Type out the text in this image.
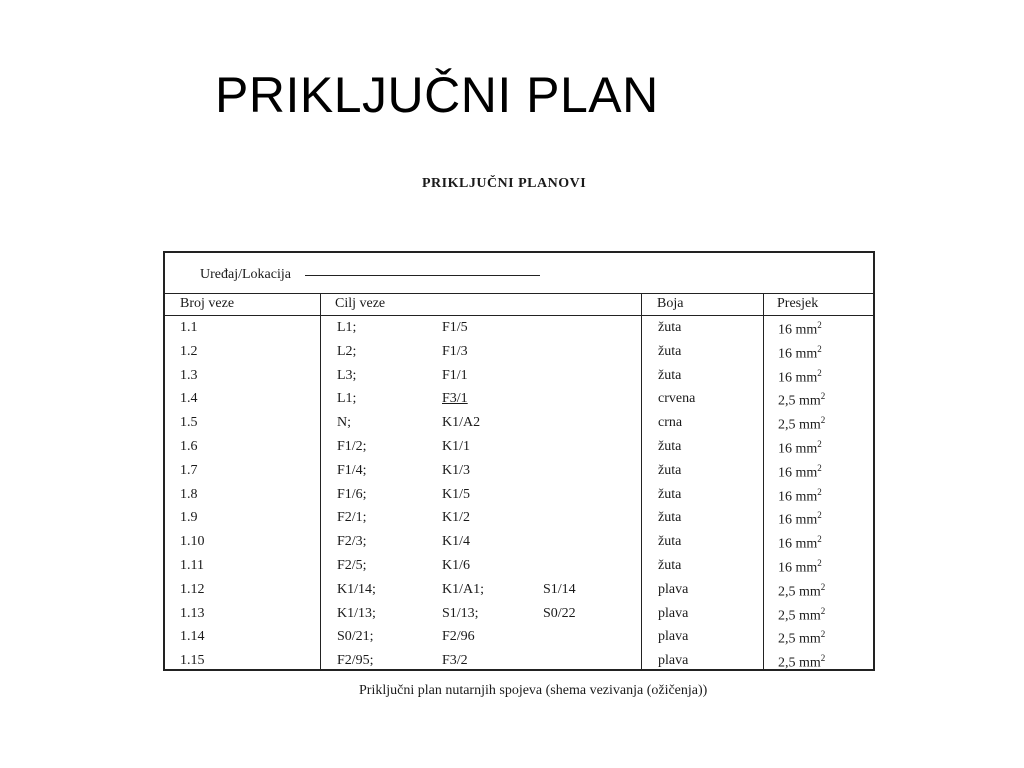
PRIKLJUČNI PLAN
PRIKLJUČNI PLANOVI
Uređaj/Lokacija
Broj veze	Cilj veze	Boja	Presjek
1.1	L1;	F1/5	žuta	16 $mm^2$
1.2	L2;	F1/3	žuta	16 $mm^2$
1.3	L3;	F1/1	žuta	16 $mm^2$
1.4	L1;	F3/1	crvena	2,5 $mm^2$
1.5	N;	K1/A2	crna	2,5 $mm^2$
1.6	F1/2;	K1/1	žuta	16 $mm^2$
1.7	F1/4;	K1/3	žuta	16 $mm^2$
1.8	F1/6;	K1/5	žuta	16 $mm^2$
1.9	F2/1;	K1/2	žuta	16 $mm^2$
1.10	F2/3;	K1/4	žuta	16 $mm^2$
1.11	F2/5;	K1/6	žuta	16 $mm^2$
1.12	K1/14;	K1/A1;	S1/14	plava	2,5 $mm^2$
1.13	K1/13;	S1/13;	S0/22	plava	2,5 $mm^2$
1.14	S0/21;	F2/96	plava	2,5 $mm^2$
1.15	F2/95;	F3/2	plava	2,5 $mm^2$
Priključni plan nutarnjih spojeva (shema vezivanja (ožičenja))
